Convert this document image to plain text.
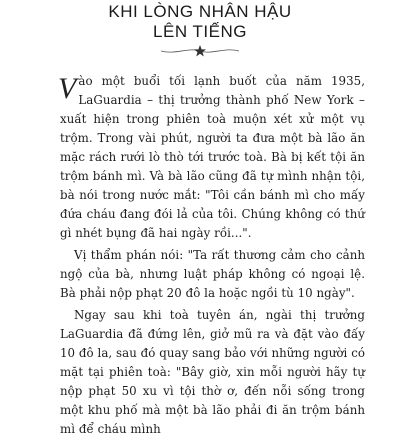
KHI LÒNG NHÂN HẬU
LÊN TIẾNG

Vào một buổi tối lạnh buốt của năm 1935, LaGuardia – thị trưởng thành phố New York – xuất hiện trong phiên toà muộn xét xử một vụ trộm. Trong vài phút, người ta đưa một bà lão ăn mặc rách rưới lò thò tới trước toà. Bà bị kết tội ăn trộm bánh mì. Và bà lão cũng đã tự mình nhận tội, bà nói trong nước mắt: "Tôi cần bánh mì cho mấy đứa cháu đang đói lả của tôi. Chúng không có thứ gì nhét bụng đã hai ngày rồi...".

Vị thẩm phán nói: "Ta rất thương cảm cho cảnh ngộ của bà, nhưng luật pháp không có ngoại lệ. Bà phải nộp phạt 20 đô la hoặc ngồi tù 10 ngày".

Ngay sau khi toà tuyên án, ngài thị trưởng LaGuardia đã đứng lên, giở mũ ra và đặt vào đấy 10 đô la, sau đó quay sang bảo với những người có mặt tại phiên toà: "Bây giờ, xin mỗi người hãy tự nộp phạt 50 xu vì tội thờ ơ, đến nỗi sống trong một khu phố mà một bà lão phải đi ăn trộm bánh mì để cháu mình
